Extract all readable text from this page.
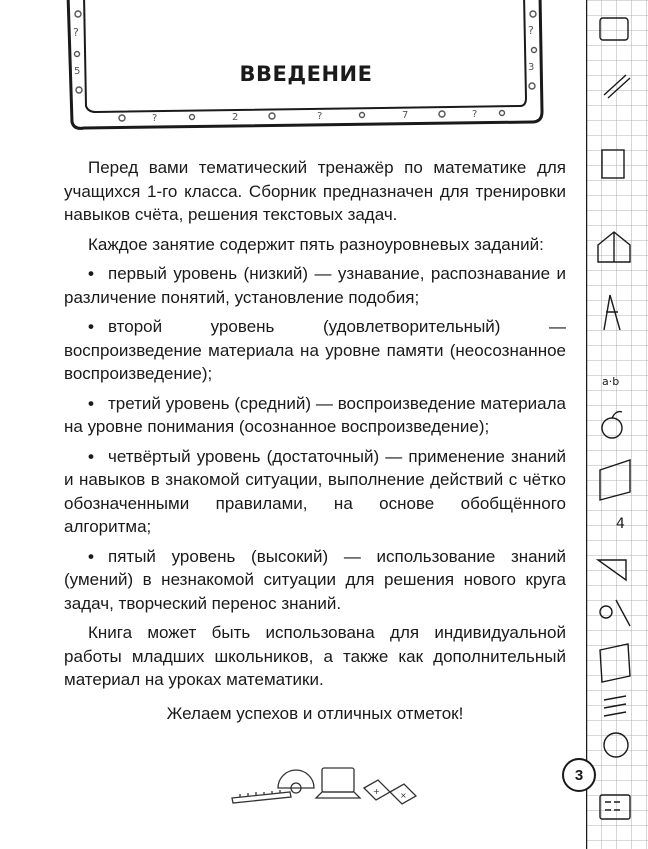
?
5
?	2	?	7	?
?
3
ВВЕДЕНИЕ

Перед вами тематический тренажёр по математике для учащихся 1-го класса. Сборник предназначен для тренировки навыков счёта, решения текстовых задач.

Каждое занятие содержит пять разноуровневых заданий:

• первый уровень (низкий) — узнавание, распознавание и различение понятий, установление подобия;

• второй уровень (удовлетворительный) — воспроизведение материала на уровне памяти (неосознанное воспроизведение);

• третий уровень (средний) — воспроизведение материала на уровне понимания (осознанное воспроизведение);

• четвёртый уровень (достаточный) — применение знаний и навыков в знакомой ситуации, выполнение действий с чётко обозначенными правилами, на основе обобщённого алгоритма;

• пятый уровень (высокий) — использование знаний (умений) в незнакомой ситуации для решения нового круга задач, творческий перенос знаний.

Книга может быть использована для индивидуальной работы младших школьников, а также как дополнительный материал на уроках математики.

Желаем успехов и отличных отметок!

a·b
4
3
+	×
